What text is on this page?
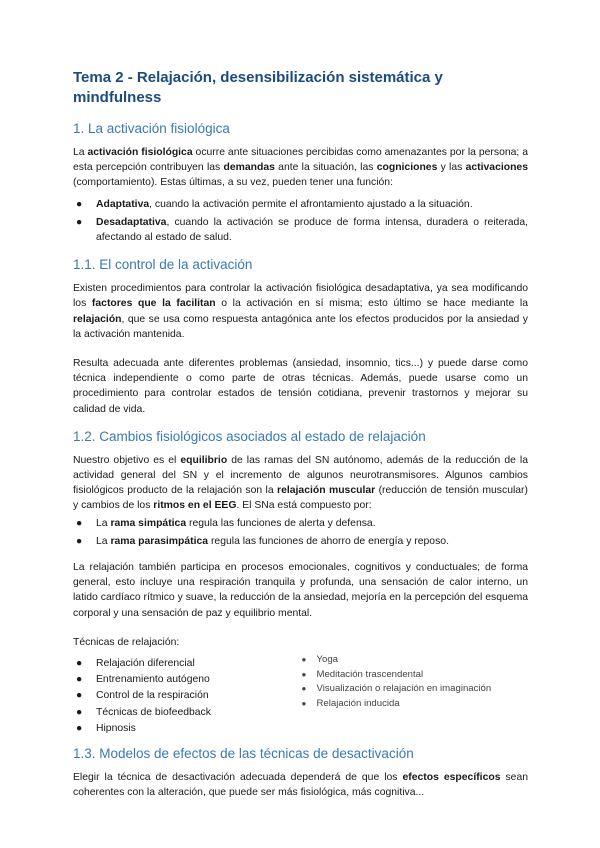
Tema 2 - Relajación, desensibilización sistemática y mindfulness
1. La activación fisiológica

La activación fisiológica ocurre ante situaciones percibidas como amenazantes por la persona; a esta percepción contribuyen las demandas ante la situación, las cogniciones y las activaciones (comportamiento). Estas últimas, a su vez, pueden tener una función:

● Adaptativa, cuando la activación permite el afrontamiento ajustado a la situación.
● Desadaptativa, cuando la activación se produce de forma intensa, duradera o reiterada, afectando al estado de salud.
1.1. El control de la activación

Existen procedimientos para controlar la activación fisiológica desadaptativa, ya sea modificando los factores que la facilitan o la activación en sí misma; esto último se hace mediante la relajación, que se usa como respuesta antagónica ante los efectos producidos por la ansiedad y la activación mantenida.

Resulta adecuada ante diferentes problemas (ansiedad, insomnio, tics...) y puede darse como técnica independiente o como parte de otras técnicas. Además, puede usarse como un procedimiento para controlar estados de tensión cotidiana, prevenir trastornos y mejorar su calidad de vida.

1.2. Cambios fisiológicos asociados al estado de relajación

Nuestro objetivo es el equilibrio de las ramas del SN autónomo, además de la reducción de la actividad general del SN y el incremento de algunos neurotransmisores. Algunos cambios fisiológicos producto de la relajación son la relajación muscular (reducción de tensión muscular) y cambios de los ritmos en el EEG. El SNa está compuesto por:

● La rama simpática regula las funciones de alerta y defensa.
● La rama parasimpática regula las funciones de ahorro de energía y reposo.

La relajación también participa en procesos emocionales, cognitivos y conductuales; de forma general, esto incluye una respiración tranquila y profunda, una sensación de calor interno, un latido cardíaco rítmico y suave, la reducción de la ansiedad, mejoría en la percepción del esquema corporal y una sensación de paz y equilibrio mental.

Técnicas de relajación:

● Relajación diferencial
● Entrenamiento autógeno
● Control de la respiración
● Técnicas de biofeedback
● Hipnosis
● Yoga
● Meditación trascendental
● Visualización o relajación en imaginación
● Relajación inducida
1.3. Modelos de efectos de las técnicas de desactivación

Elegir la técnica de desactivación adecuada dependerá de que los efectos específicos sean coherentes con la alteración, que puede ser más fisiológica, más cognitiva...
